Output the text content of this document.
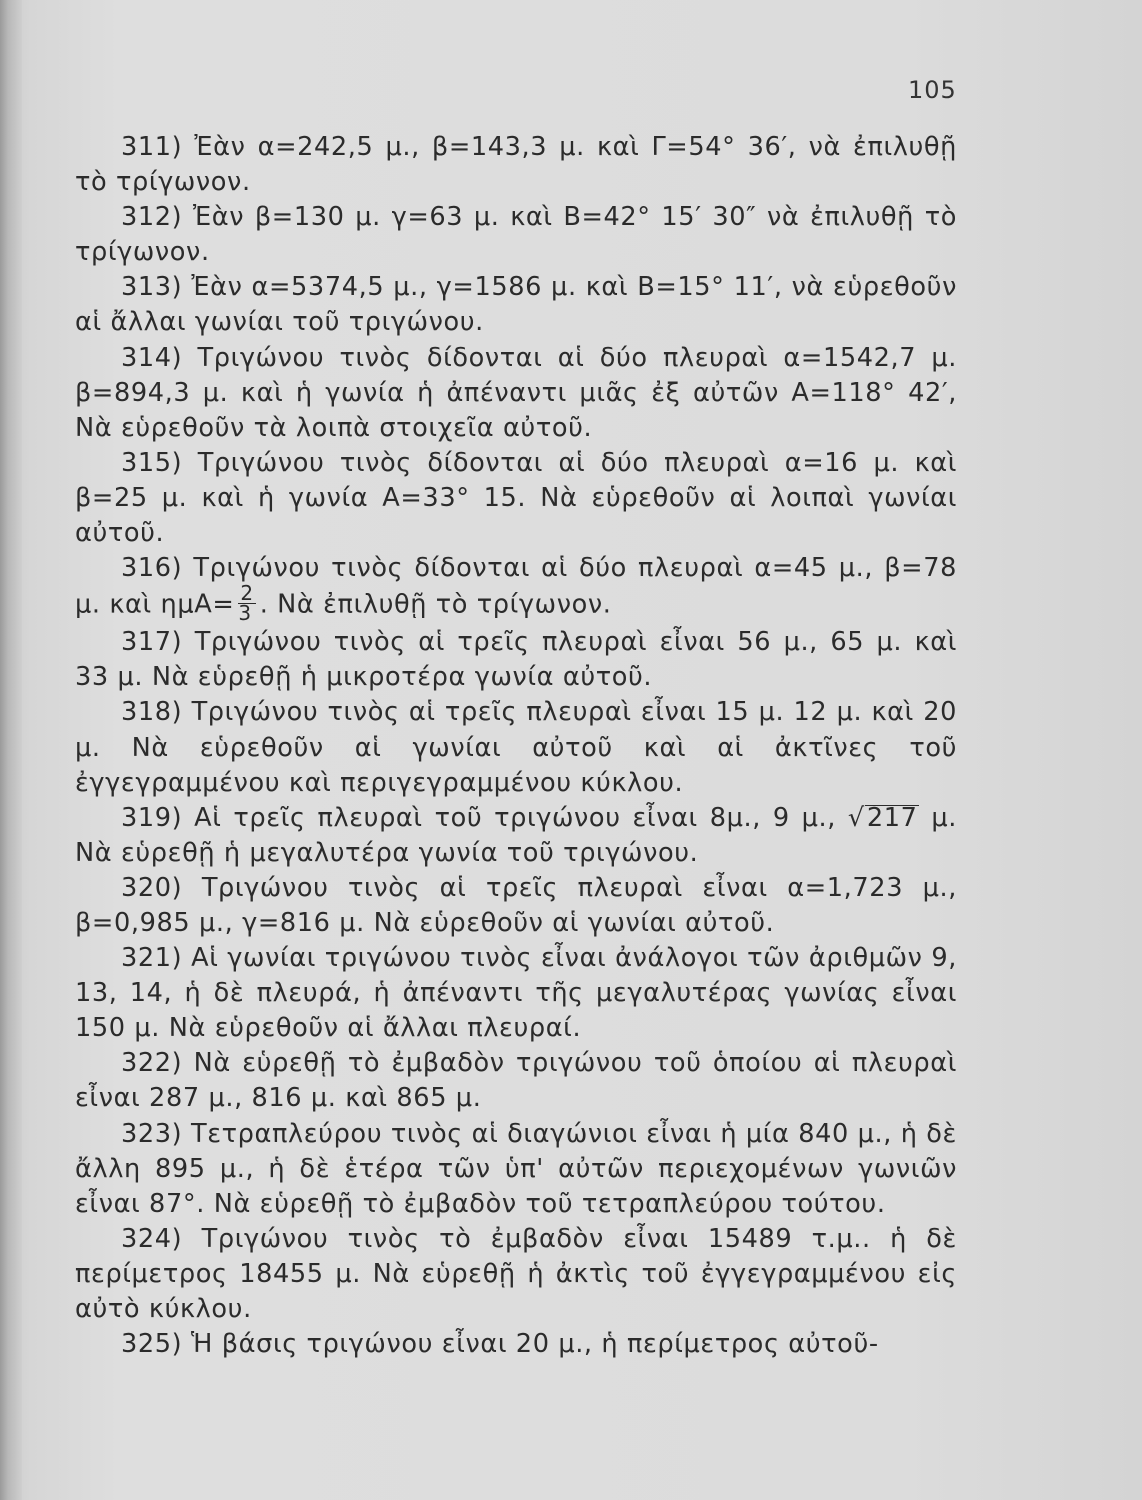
105
311) Ἐὰν α=242,5 μ., β=143,3 μ. καὶ Γ=54° 36′, νὰ ἐπιλυθῇ τὸ τρίγωνον.
312) Ἐὰν β=130 μ. γ=63 μ. καὶ Β=42° 15′ 30″ νὰ ἐπιλυθῇ τὸ τρίγωνον.
313) Ἐὰν α=5374,5 μ., γ=1586 μ. καὶ Β=15° 11′, νὰ εὑρεθοῦν αἱ ἄλλαι γωνίαι τοῦ τριγώνου.
314) Τριγώνου τινὸς δίδονται αἱ δύο πλευραὶ α=1542,7 μ. β=894,3 μ. καὶ ἡ γωνία ἡ ἀπέναντι μιᾶς ἐξ αὐτῶν Α=118° 42′, Νὰ εὑρεθοῦν τὰ λοιπὰ στοιχεῖα αὐτοῦ.
315) Τριγώνου τινὸς δίδονται αἱ δύο πλευραὶ α=16 μ. καὶ β=25 μ. καὶ ἡ γωνία Α=33° 15. Νὰ εὑρεθοῦν αἱ λοιπαὶ γωνίαι αὐτοῦ.
316) Τριγώνου τινὸς δίδονται αἱ δύο πλευραὶ α=45 μ., β=78 μ. καὶ $\eta\mu A= \frac{2}{3}$ . Νὰ ἐπιλυθῇ τὸ τρίγωνον.
317) Τριγώνου τινὸς αἱ τρεῖς πλευραὶ εἶναι 56 μ., 65 μ. καὶ 33 μ. Νὰ εὑρεθῇ ἡ μικροτέρα γωνία αὐτοῦ.
318) Τριγώνου τινὸς αἱ τρεῖς πλευραὶ εἶναι 15 μ. 12 μ. καὶ 20 μ. Νὰ εὑρεθοῦν αἱ γωνίαι αὐτοῦ καὶ αἱ ἀκτῖνες τοῦ ἐγγεγραμμένου καὶ περιγεγραμμένου κύκλου.
319) Αἱ τρεῖς πλευραὶ τοῦ τριγώνου εἶναι 8μ., 9 μ., √217 μ. Νὰ εὑρεθῇ ἡ μεγαλυτέρα γωνία τοῦ τριγώνου.
320) Τριγώνου τινὸς αἱ τρεῖς πλευραὶ εἶναι α=1,723 μ., β=0,985 μ., γ=816 μ. Νὰ εὑρεθοῦν αἱ γωνίαι αὐτοῦ.
321) Αἱ γωνίαι τριγώνου τινὸς εἶναι ἀνάλογοι τῶν ἀριθμῶν 9, 13, 14, ἡ δὲ πλευρά, ἡ ἀπέναντι τῆς μεγαλυτέρας γωνίας εἶναι 150 μ. Νὰ εὑρεθοῦν αἱ ἄλλαι πλευραί.
322) Νὰ εὑρεθῇ τὸ ἐμβαδὸν τριγώνου τοῦ ὁποίου αἱ πλευραὶ εἶναι 287 μ., 816 μ. καὶ 865 μ.
323) Τετραπλεύρου τινὸς αἱ διαγώνιοι εἶναι ἡ μία 840 μ., ἡ δὲ ἄλλη 895 μ., ἡ δὲ ἑτέρα τῶν ὑπ' αὐτῶν περιεχομένων γωνιῶν εἶναι 87°. Νὰ εὑρεθῇ τὸ ἐμβαδὸν τοῦ τετραπλεύρου τούτου.
324) Τριγώνου τινὸς τὸ ἐμβαδὸν εἶναι 15489 τ.μ.. ἡ δὲ περίμετρος 18455 μ. Νὰ εὑρεθῇ ἡ ἀκτὶς τοῦ ἐγγεγραμμένου εἰς αὐτὸ κύκλου.
325) Ἡ βάσις τριγώνου εἶναι 20 μ., ἡ περίμετρος αὐτοῦ-
